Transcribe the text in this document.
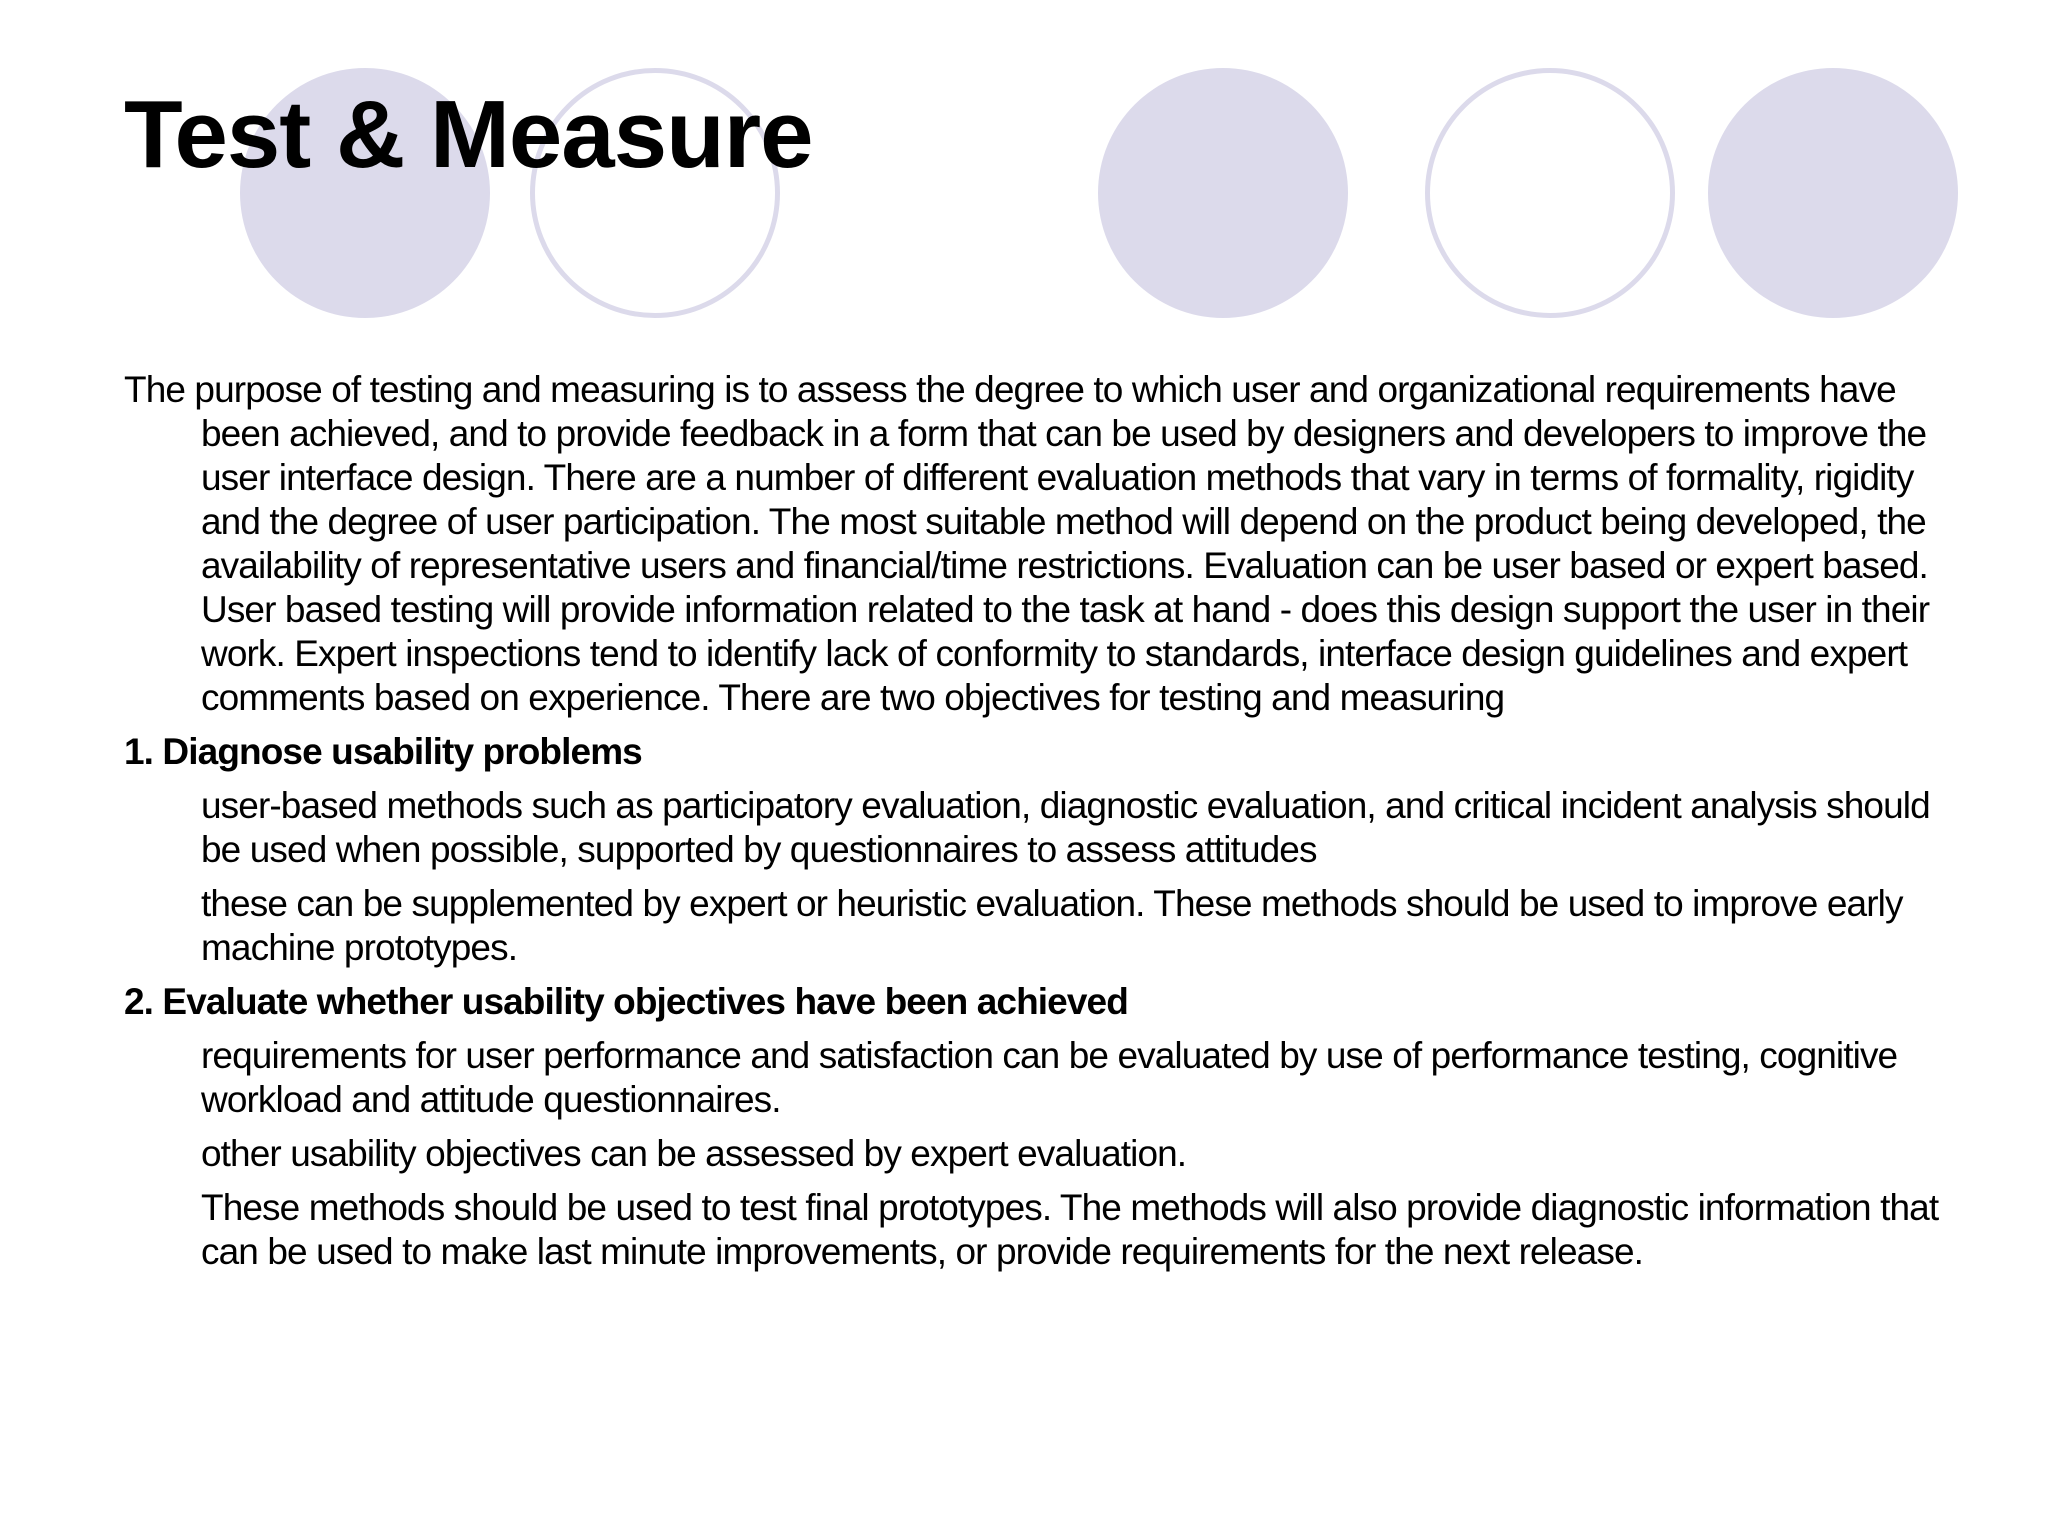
Test & Measure

The purpose of testing and measuring is to assess the degree to which user and organizational requirements have been achieved, and to provide feedback in a form that can be used by designers and developers to improve the user interface design. There are a number of different evaluation methods that vary in terms of formality, rigidity and the degree of user participation. The most suitable method will depend on the product being developed, the availability of representative users and financial/time restrictions. Evaluation can be user based or expert based. User based testing will provide information related to the task at hand - does this design support the user in their work. Expert inspections tend to identify lack of conformity to standards, interface design guidelines and expert comments based on experience. There are two objectives for testing and measuring

1. Diagnose usability problems

user-based methods such as participatory evaluation, diagnostic evaluation, and critical incident analysis should be used when possible, supported by questionnaires to assess attitudes

these can be supplemented by expert or heuristic evaluation. These methods should be used to improve early machine prototypes.

2. Evaluate whether usability objectives have been achieved

requirements for user performance and satisfaction can be evaluated by use of performance testing, cognitive workload and attitude questionnaires.

other usability objectives can be assessed by expert evaluation.

These methods should be used to test final prototypes. The methods will also provide diagnostic information that can be used to make last minute improvements, or provide requirements for the next release.
